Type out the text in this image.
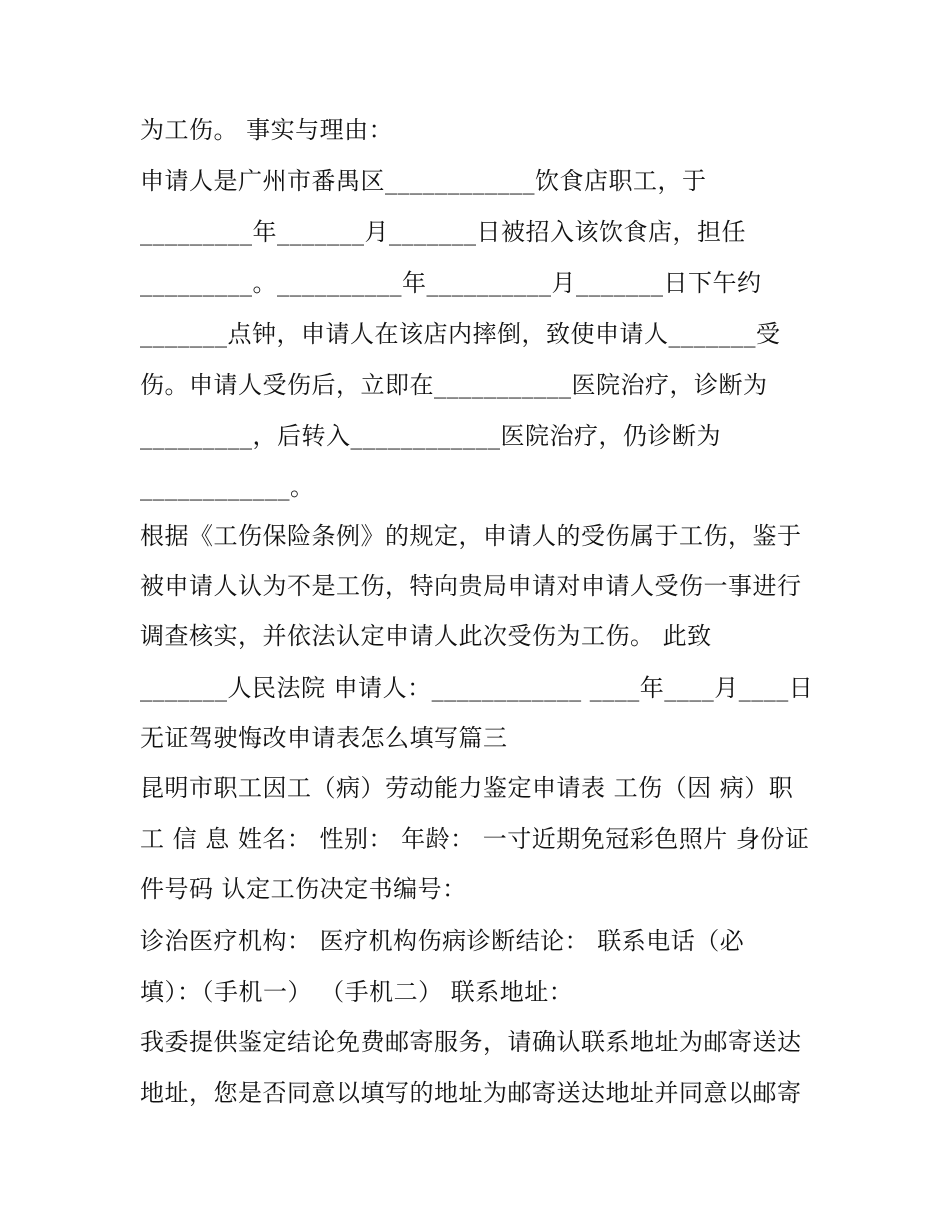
为工伤。 事实与理由：
申请人是广州市番禺区____________饮食店职工，于
_________年_______月_______日被招入该饮食店，担任
_________。__________年__________月_______日下午约
_______点钟，申请人在该店内摔倒，致使申请人_______受
伤。申请人受伤后，立即在___________医院治疗，诊断为
_________，后转入____________医院治疗，仍诊断为
____________。
根据《工伤保险条例》的规定，申请人的受伤属于工伤，鉴于
被申请人认为不是工伤，特向贵局申请对申请人受伤一事进行
调查核实，并依法认定申请人此次受伤为工伤。 此致
_______人民法院 申请人：____________ ____年____月____日
无证驾驶悔改申请表怎么填写篇三
昆明市职工因工（病）劳动能力鉴定申请表 工伤（因 病）职
工 信 息 姓名： 性别： 年龄： 一寸近期免冠彩色照片 身份证
件号码 认定工伤决定书编号：
诊治医疗机构： 医疗机构伤病诊断结论： 联系电话（必
填）：（手机一） （手机二） 联系地址：
我委提供鉴定结论免费邮寄服务，请确认联系地址为邮寄送达
地址，您是否同意以填写的地址为邮寄送达地址并同意以邮寄
